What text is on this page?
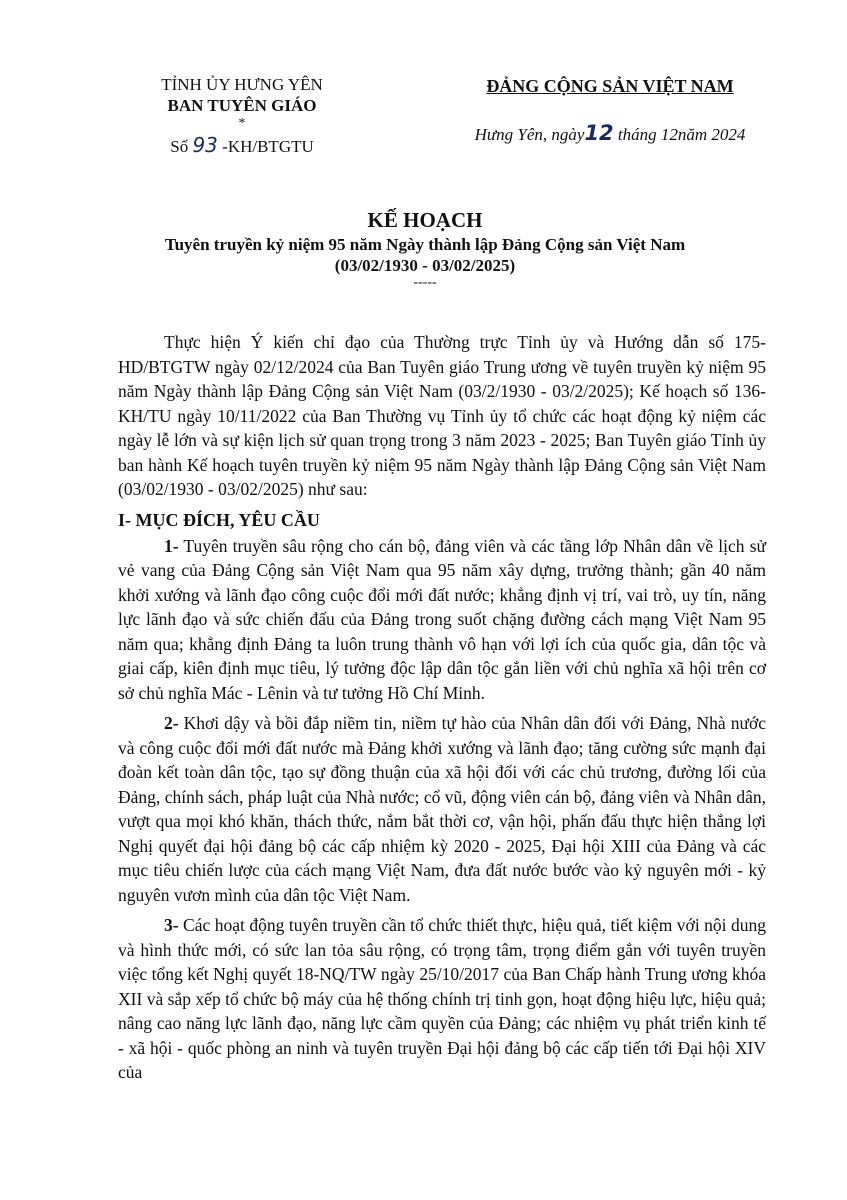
TỈNH ỦY HƯNG YÊN
BAN TUYÊN GIÁO
*
Số 93 -KH/BTGTU
ĐẢNG CỘNG SẢN VIỆT NAM
Hưng Yên, ngày12 tháng 12năm 2024
KẾ HOẠCH
Tuyên truyền kỷ niệm 95 năm Ngày thành lập Đảng Cộng sản Việt Nam
(03/02/1930 - 03/02/2025)
-----

Thực hiện Ý kiến chỉ đạo của Thường trực Tỉnh ủy và Hướng dẫn số 175-HD/BTGTW ngày 02/12/2024 của Ban Tuyên giáo Trung ương về tuyên truyền kỷ niệm 95 năm Ngày thành lập Đảng Cộng sản Việt Nam (03/2/1930 - 03/2/2025); Kế hoạch số 136-KH/TU ngày 10/11/2022 của Ban Thường vụ Tỉnh ủy tổ chức các hoạt động kỷ niệm các ngày lễ lớn và sự kiện lịch sử quan trọng trong 3 năm 2023 - 2025; Ban Tuyên giáo Tỉnh ủy ban hành Kế hoạch tuyên truyền kỷ niệm 95 năm Ngày thành lập Đảng Cộng sản Việt Nam (03/02/1930 - 03/02/2025) như sau:

I- MỤC ĐÍCH, YÊU CẦU

1- Tuyên truyền sâu rộng cho cán bộ, đảng viên và các tầng lớp Nhân dân về lịch sử vẻ vang của Đảng Cộng sản Việt Nam qua 95 năm xây dựng, trưởng thành; gần 40 năm khởi xướng và lãnh đạo công cuộc đổi mới đất nước; khẳng định vị trí, vai trò, uy tín, năng lực lãnh đạo và sức chiến đấu của Đảng trong suốt chặng đường cách mạng Việt Nam 95 năm qua; khẳng định Đảng ta luôn trung thành vô hạn với lợi ích của quốc gia, dân tộc và giai cấp, kiên định mục tiêu, lý tưởng độc lập dân tộc gắn liền với chủ nghĩa xã hội trên cơ sở chủ nghĩa Mác - Lênin và tư tưởng Hồ Chí Minh.

2- Khơi dậy và bồi đắp niềm tin, niềm tự hào của Nhân dân đối với Đảng, Nhà nước và công cuộc đổi mới đất nước mà Đảng khởi xướng và lãnh đạo; tăng cường sức mạnh đại đoàn kết toàn dân tộc, tạo sự đồng thuận của xã hội đối với các chủ trương, đường lối của Đảng, chính sách, pháp luật của Nhà nước; cổ vũ, động viên cán bộ, đảng viên và Nhân dân, vượt qua mọi khó khăn, thách thức, nắm bắt thời cơ, vận hội, phấn đấu thực hiện thắng lợi Nghị quyết đại hội đảng bộ các cấp nhiệm kỳ 2020 - 2025, Đại hội XIII của Đảng và các mục tiêu chiến lược của cách mạng Việt Nam, đưa đất nước bước vào kỷ nguyên mới - kỷ nguyên vươn mình của dân tộc Việt Nam.

3- Các hoạt động tuyên truyền cần tổ chức thiết thực, hiệu quả, tiết kiệm với nội dung và hình thức mới, có sức lan tỏa sâu rộng, có trọng tâm, trọng điểm gắn với tuyên truyền việc tổng kết Nghị quyết 18-NQ/TW ngày 25/10/2017 của Ban Chấp hành Trung ương khóa XII và sắp xếp tổ chức bộ máy của hệ thống chính trị tinh gọn, hoạt động hiệu lực, hiệu quả; nâng cao năng lực lãnh đạo, năng lực cầm quyền của Đảng; các nhiệm vụ phát triển kinh tế - xã hội - quốc phòng an ninh và tuyên truyền Đại hội đảng bộ các cấp tiến tới Đại hội XIV của
